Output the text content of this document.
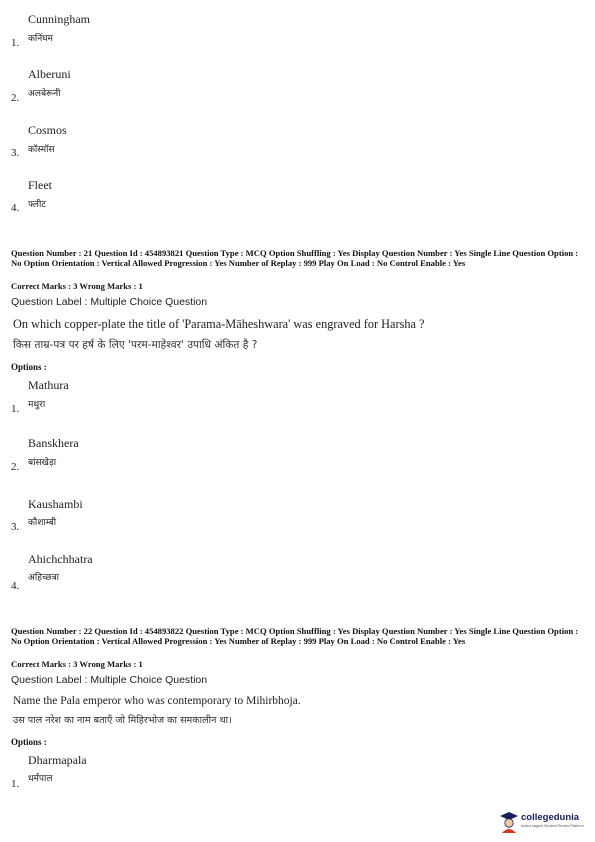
Cunningham
कनिंघम
1.
Alberuni
अलबेरूनी
2.
Cosmos
कॉस्मॉस
3.
Fleet
फ्लीट
4.
Question Number : 21 Question Id : 454893821 Question Type : MCQ Option Shuffling : Yes Display Question Number : Yes Single Line Question Option : No Option Orientation : Vertical Allowed Progression : Yes Number of Replay : 999 Play On Load : No Control Enable : Yes
Correct Marks : 3 Wrong Marks : 1
Question Label : Multiple Choice Question
On which copper-plate the title of 'Parama-Māheshwara' was engraved for Harsha ?
किस ताम्र-पत्र पर हर्ष के लिए 'परम-माहेश्वर' उपाधि अंकित है ?
Options :
Mathura
मथुरा
1.
Banskhera
बांसखेड़ा
2.
Kaushambi
कौशाम्बी
3.
Ahichchhatra
अहिच्छत्रा
4.
Question Number : 22 Question Id : 454893822 Question Type : MCQ Option Shuffling : Yes Display Question Number : Yes Single Line Question Option : No Option Orientation : Vertical Allowed Progression : Yes Number of Replay : 999 Play On Load : No Control Enable : Yes
Correct Marks : 3 Wrong Marks : 1
Question Label : Multiple Choice Question
Name the Pala emperor who was contemporary to Mihirbhoja.
उस पाल नरेश का नाम बताएँ जो मिहिरभोज का समकालीन था।
Options :
Dharmapala
धर्मपाल
1.
collegedunia
India's largest Student Review Platform
